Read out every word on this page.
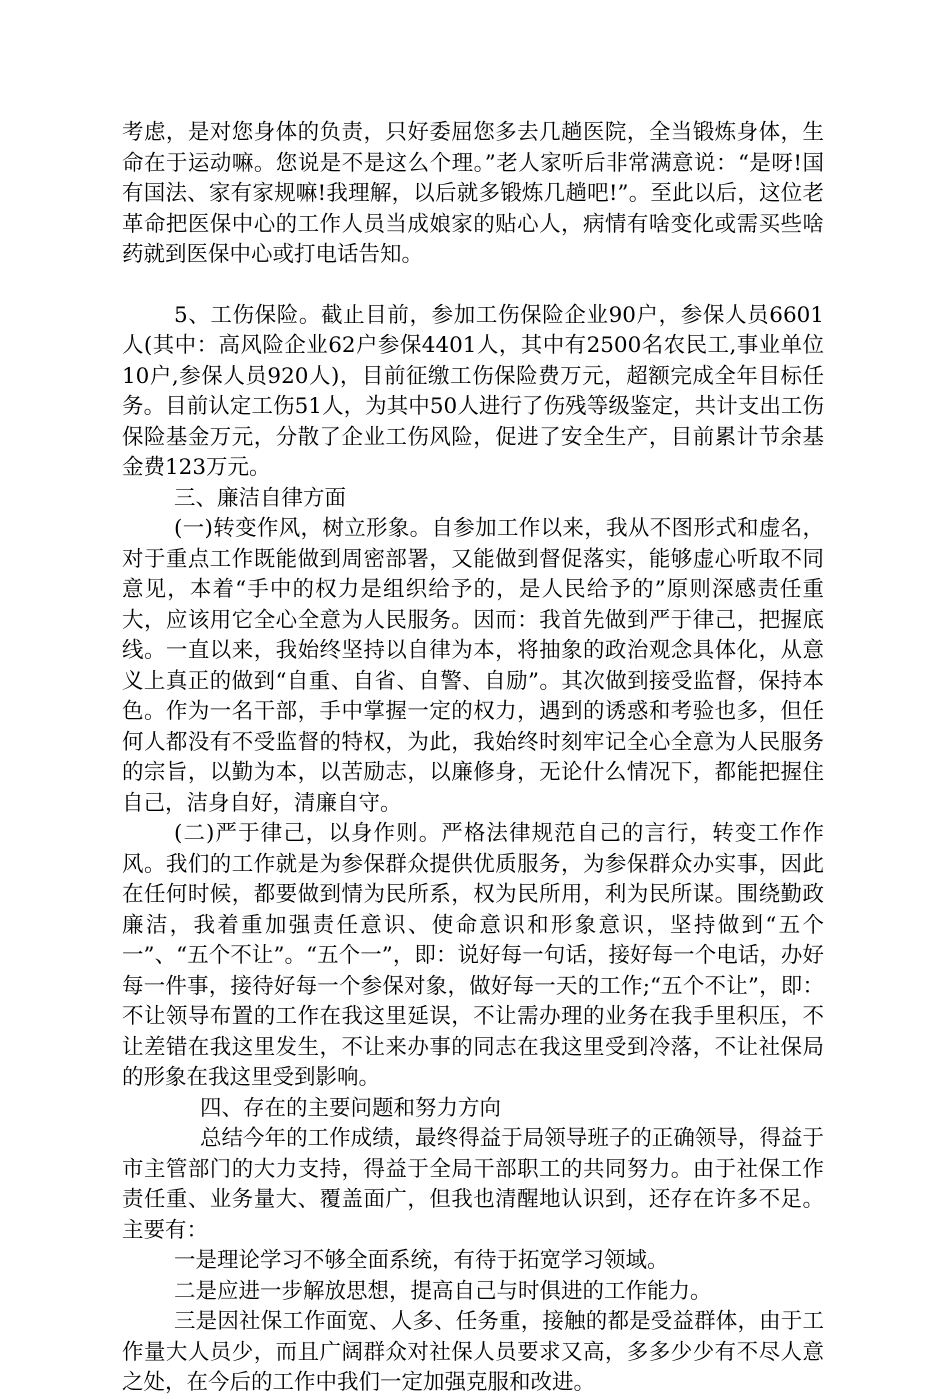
考虑，是对您身体的负责，只好委屈您多去几趟医院，全当锻炼身体，生命在于运动嘛。您说是不是这么个理。”老人家听后非常满意说：“是呀!国有国法、家有家规嘛!我理解，以后就多锻炼几趟吧!”。至此以后，这位老革命把医保中心的工作人员当成娘家的贴心人，病情有啥变化或需买些啥药就到医保中心或打电话告知。

5、工伤保险。截止目前，参加工伤保险企业90户，参保人员6601人(其中：高风险企业62户参保4401人，其中有2500名农民工,事业单位10户,参保人员920人)，目前征缴工伤保险费万元，超额完成全年目标任务。目前认定工伤51人，为其中50人进行了伤残等级鉴定，共计支出工伤保险基金万元，分散了企业工伤风险，促进了安全生产，目前累计节余基金费123万元。

三、廉洁自律方面

(一)转变作风，树立形象。自参加工作以来，我从不图形式和虚名，对于重点工作既能做到周密部署，又能做到督促落实，能够虚心听取不同意见，本着“手中的权力是组织给予的，是人民给予的”原则深感责任重大，应该用它全心全意为人民服务。因而：我首先做到严于律己，把握底线。一直以来，我始终坚持以自律为本，将抽象的政治观念具体化，从意义上真正的做到“自重、自省、自警、自励”。其次做到接受监督，保持本色。作为一名干部，手中掌握一定的权力，遇到的诱惑和考验也多，但任何人都没有不受监督的特权，为此，我始终时刻牢记全心全意为人民服务的宗旨，以勤为本，以苦励志，以廉修身，无论什么情况下，都能把握住自己，洁身自好，清廉自守。

(二)严于律己，以身作则。严格法律规范自己的言行，转变工作作风。我们的工作就是为参保群众提供优质服务，为参保群众办实事，因此在任何时候，都要做到情为民所系，权为民所用，利为民所谋。围绕勤政廉洁，我着重加强责任意识、使命意识和形象意识，坚持做到“五个一”、“五个不让”。“五个一”，即：说好每一句话，接好每一个电话，办好每一件事，接待好每一个参保对象，做好每一天的工作;“五个不让”，即：不让领导布置的工作在我这里延误，不让需办理的业务在我手里积压，不让差错在我这里发生，不让来办事的同志在我这里受到冷落，不让社保局的形象在我这里受到影响。

四、存在的主要问题和努力方向

总结今年的工作成绩，最终得益于局领导班子的正确领导，得益于市主管部门的大力支持，得益于全局干部职工的共同努力。由于社保工作责任重、业务量大、覆盖面广，但我也清醒地认识到，还存在许多不足。主要有：

一是理论学习不够全面系统，有待于拓宽学习领域。

二是应进一步解放思想，提高自己与时俱进的工作能力。

三是因社保工作面宽、人多、任务重，接触的都是受益群体，由于工作量大人员少，而且广阔群众对社保人员要求又高，多多少少有不尽人意之处，在今后的工作中我们一定加强克服和改进。
